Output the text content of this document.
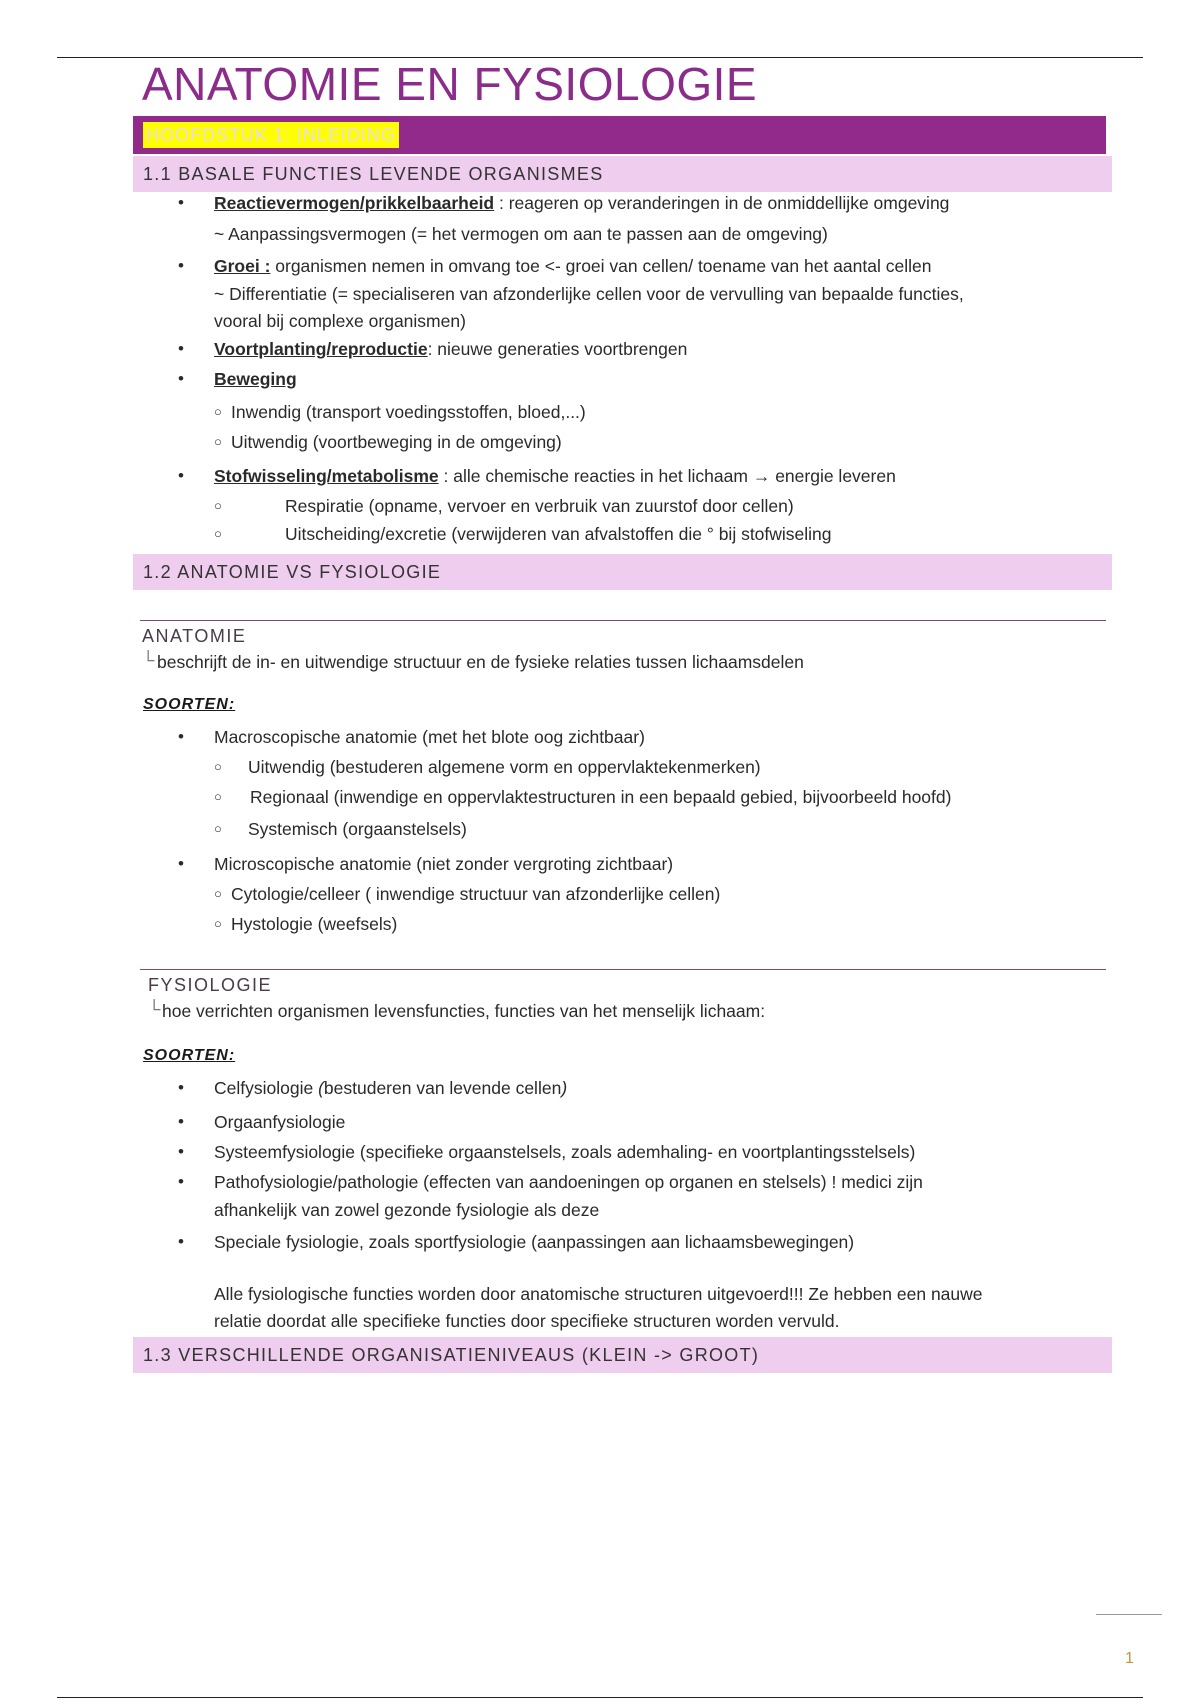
ANATOMIE EN FYSIOLOGIE
HOOFDSTUK 1: INLEIDING
1.1 BASALE FUNCTIES LEVENDE ORGANISMES
• Reactievermogen/prikkelbaarheid : reageren op veranderingen in de onmiddellijke omgeving
~ Aanpassingsvermogen (= het vermogen om aan te passen aan de omgeving)
• Groei : organismen nemen in omvang toe <- groei van cellen/ toename van het aantal cellen
~ Differentiatie (= specialiseren van afzonderlijke cellen voor de vervulling van bepaalde functies,
vooral bij complexe organismen)
• Voortplanting/reproductie: nieuwe generaties voortbrengen
• Beweging
○ Inwendig (transport voedingsstoffen, bloed,...)
○ Uitwendig (voortbeweging in de omgeving)
• Stofwisseling/metabolisme : alle chemische reacties in het lichaam → energie leveren
○	Respiratie (opname, vervoer en verbruik van zuurstof door cellen)
○	Uitscheiding/excretie (verwijderen van afvalstoffen die ° bij stofwiseling
1.2 ANATOMIE VS FYSIOLOGIE
ANATOMIE
└ beschrijft de in- en uitwendige structuur en de fysieke relaties tussen lichaamsdelen
SOORTEN:
• Macroscopische anatomie (met het blote oog zichtbaar)
○ Uitwendig (bestuderen algemene vorm en oppervlaktekenmerken)
○ Regionaal (inwendige en oppervlaktestructuren in een bepaald gebied, bijvoorbeeld hoofd)
○ Systemisch (orgaanstelsels)
• Microscopische anatomie (niet zonder vergroting zichtbaar)
○ Cytologie/celleer ( inwendige structuur van afzonderlijke cellen)
○ Hystologie (weefsels)
FYSIOLOGIE
└ hoe verrichten organismen levensfuncties, functies van het menselijk lichaam:
SOORTEN:
• Celfysiologie (bestuderen van levende cellen)
• Orgaanfysiologie
• Systeemfysiologie (specifieke orgaanstelsels, zoals ademhaling- en voortplantingsstelsels)
• Pathofysiologie/pathologie (effecten van aandoeningen op organen en stelsels) ! medici zijn
afhankelijk van zowel gezonde fysiologie als deze
• Speciale fysiologie, zoals sportfysiologie (aanpassingen aan lichaamsbewegingen)
Alle fysiologische functies worden door anatomische structuren uitgevoerd!!! Ze hebben een nauwe
relatie doordat alle specifieke functies door specifieke structuren worden vervuld.
1.3 VERSCHILLENDE ORGANISATIENIVEAUS (KLEIN -> GROOT)
1
